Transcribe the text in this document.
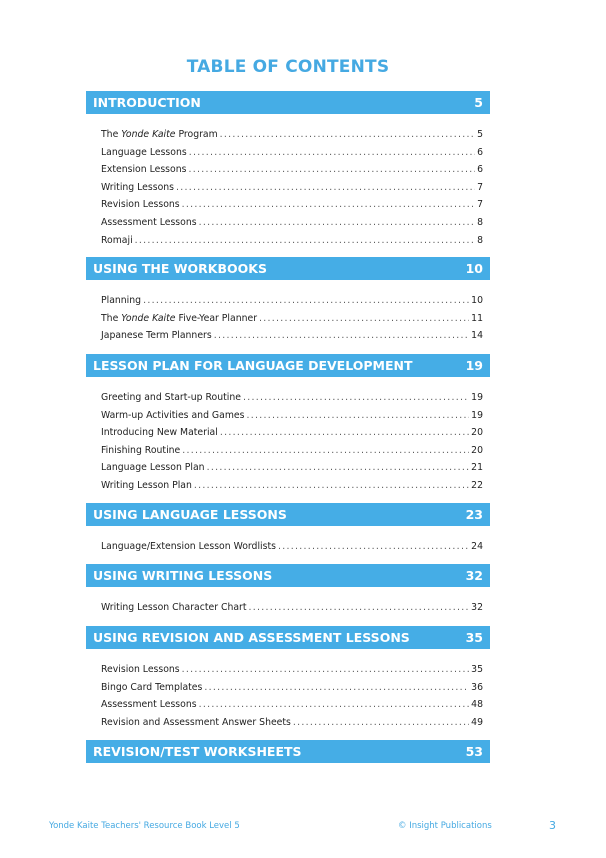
TABLE OF CONTENTS
INTRODUCTION	5
The Yonde Kaite Program .....	5
Language Lessons .....	6
Extension Lessons .....	6
Writing Lessons .....	7
Revision Lessons .....	7
Assessment Lessons .....	8
Romaji .....	8
USING THE WORKBOOKS	10
Planning .....	10
The Yonde Kaite Five-Year Planner .....	11
Japanese Term Planners .....	14
LESSON PLAN FOR LANGUAGE DEVELOPMENT	19
Greeting and Start-up Routine .....	19
Warm-up Activities and Games .....	19
Introducing New Material .....	20
Finishing Routine .....	20
Language Lesson Plan .....	21
Writing Lesson Plan .....	22
USING LANGUAGE LESSONS	23
Language/Extension Lesson Wordlists .....	24
USING WRITING LESSONS	32
Writing Lesson Character Chart .....	32
USING REVISION AND ASSESSMENT LESSONS	35
Revision Lessons .....	35
Bingo Card Templates .....	36
Assessment Lessons .....	48
Revision and Assessment Answer Sheets .....	49
REVISION/TEST WORKSHEETS	53
Yonde Kaite Teachers' Resource Book Level 5	© Insight Publications	3
